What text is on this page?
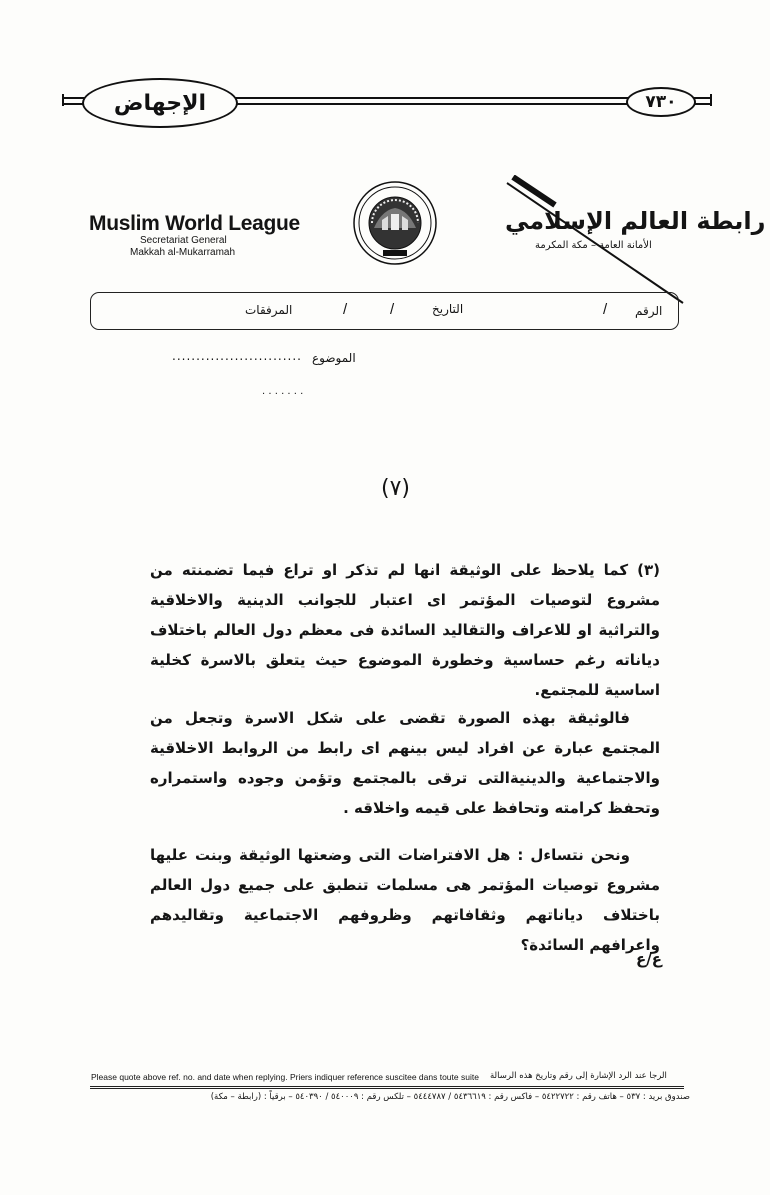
الإجهاض	٧٣٠
Muslim World League
Secretariat General
Makkah al-Mukarramah
رابطة العالم الإسلامي
الأمانة العامة – مكة المكرمة
الرقم
/
التاريخ
/
/
المرفقات
الموضوع
...........................
. . . . . . .
(٧)
(٣) كما يلاحظ على الوثيقة انها لم تذكر او تراع فيما تضمنته من مشروع لتوصيات المؤتمر اى اعتبار للجوانب الدينية والاخلاقية والتراثية او للاعراف والتقاليد السائدة فى معظم دول العالم باختلاف دياناته رغم حساسية وخطورة الموضوع حيث يتعلق بالاسرة كخلية اساسية للمجتمع.
فالوثيقة بهذه الصورة تقضى على شكل الاسرة وتجعل من المجتمع عبارة عن افراد ليس بينهم اى رابط من الروابط الاخلاقية والاجتماعية والدينيةالتى ترقى بالمجتمع وتؤمن وجوده واستمراره وتحفظ كرامته وتحافظ على قيمه واخلاقه .
ونحن نتساءل : هل الافتراضات التى وضعتها الوثيقة وبنت عليها مشروع توصيات المؤتمر هى مسلمات تنطبق على جميع دول العالم باختلاف دياناتهم وثقافاتهم وظروفهم الاجتماعية وتقاليدهم واعرافهم السائدة؟
ع/ع
Please quote above ref. no. and date when replying. Priers indiquer reference suscitee dans toute suite الرجا عند الرد الإشارة إلى رقم وتاريخ هذه الرسالة
صندوق بريد : ٥٣٧ – هاتف رقم : ٥٤٢٢٧٢٢ – فاكس رقم : ٥٤٣٦٦١٩ / ٥٤٤٤٧٨٧ – تلكس رقم : ٥٤٠٠٠٩ / ٥٤٠٣٩٠ – برقياً : (رابطة – مكة)
